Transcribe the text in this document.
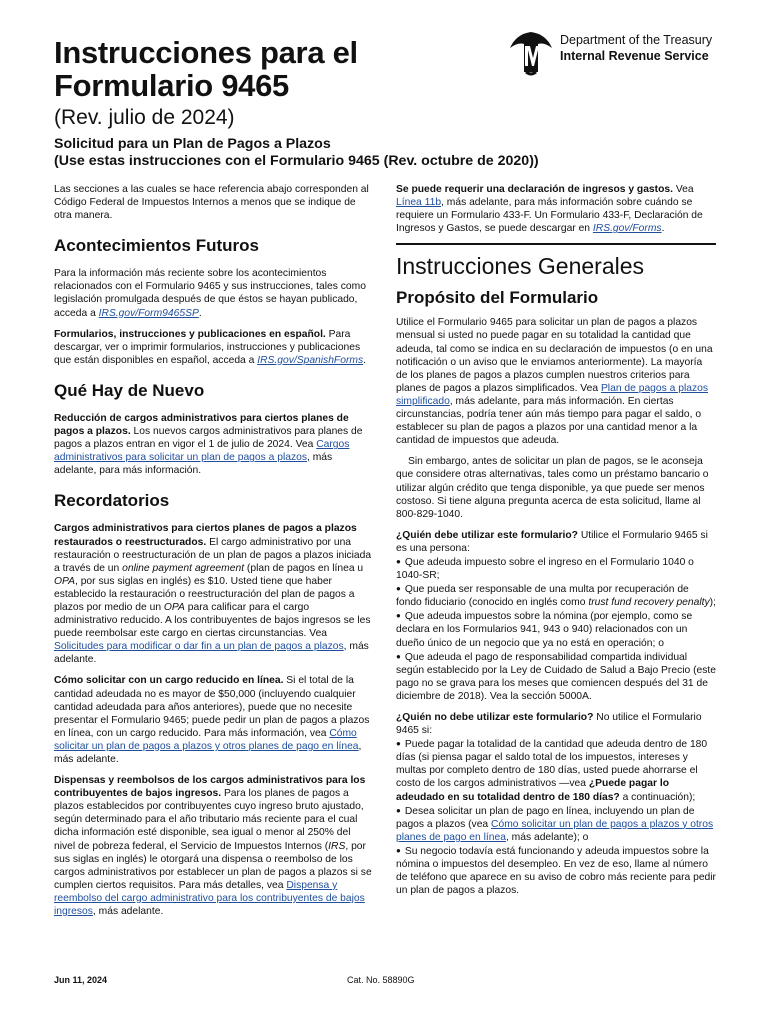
Instrucciones para el
Formulario 9465
(Rev. julio de 2024)
Solicitud para un Plan de Pagos a Plazos
(Use estas instrucciones con el Formulario 9465 (Rev. octubre de 2020))
Department of the Treasury
Internal Revenue Service

Las secciones a las cuales se hace referencia abajo corresponden al Código Federal de Impuestos Internos a menos que se indique de otra manera.

Acontecimientos Futuros

Para la información más reciente sobre los acontecimientos relacionados con el Formulario 9465 y sus instrucciones, tales como legislación promulgada después de que éstos se hayan publicado, acceda a IRS.gov/Form9465SP.

Formularios, instrucciones y publicaciones en español. Para descargar, ver o imprimir formularios, instrucciones y publicaciones que están disponibles en español, acceda a IRS.gov/SpanishForms.

Qué Hay de Nuevo

Reducción de cargos administrativos para ciertos planes de pagos a plazos. Los nuevos cargos administrativos para planes de pagos a plazos entran en vigor el 1 de julio de 2024. Vea Cargos administrativos para solicitar un plan de pagos a plazos, más adelante, para más información.

Recordatorios

Cargos administrativos para ciertos planes de pagos a plazos restaurados o reestructurados. El cargo administrativo por una restauración o reestructuración de un plan de pagos a plazos iniciada a través de un online payment agreement (plan de pagos en línea u OPA, por sus siglas en inglés) es $10. Usted tiene que haber establecido la restauración o reestructuración del plan de pagos a plazos por medio de un OPA para calificar para el cargo administrativo reducido. A los contribuyentes de bajos ingresos se les puede reembolsar este cargo en ciertas circunstancias. Vea Solicitudes para modificar o dar fin a un plan de pagos a plazos, más adelante.

Cómo solicitar con un cargo reducido en línea. Si el total de la cantidad adeudada no es mayor de $50,000 (incluyendo cualquier cantidad adeudada para años anteriores), puede que no necesite presentar el Formulario 9465; puede pedir un plan de pagos a plazos en línea, con un cargo reducido. Para más información, vea Cómo solicitar un plan de pagos a plazos y otros planes de pago en línea, más adelante.

Dispensas y reembolsos de los cargos administrativos para los contribuyentes de bajos ingresos. Para los planes de pagos a plazos establecidos por contribuyentes cuyo ingreso bruto ajustado, según determinado para el año tributario más reciente para el cual dicha información esté disponible, sea igual o menor al 250% del nivel de pobreza federal, el Servicio de Impuestos Internos (IRS, por sus siglas en inglés) le otorgará una dispensa o reembolso de los cargos administrativos por establecer un plan de pagos a plazos si se cumplen ciertos requisitos. Para más detalles, vea Dispensa y reembolso del cargo administrativo para los contribuyentes de bajos ingresos, más adelante.

Se puede requerir una declaración de ingresos y gastos. Vea Línea 11b, más adelante, para más información sobre cuándo se requiere un Formulario 433-F. Un Formulario 433-F, Declaración de Ingresos y Gastos, se puede descargar en IRS.gov/Forms.

Instrucciones Generales
Propósito del Formulario

Utilice el Formulario 9465 para solicitar un plan de pagos a plazos mensual si usted no puede pagar en su totalidad la cantidad que adeuda, tal como se indica en su declaración de impuestos (o en una notificación o un aviso que le enviamos anteriormente). La mayoría de los planes de pagos a plazos cumplen nuestros criterios para planes de pagos a plazos simplificados. Vea Plan de pagos a plazos simplificado, más adelante, para más información. En ciertas circunstancias, podría tener aún más tiempo para pagar el saldo, o establecer su plan de pagos a plazos por una cantidad menor a la cantidad de impuestos que adeuda.

Sin embargo, antes de solicitar un plan de pagos, se le aconseja que considere otras alternativas, tales como un préstamo bancario o utilizar algún crédito que tenga disponible, ya que puede ser menos costoso. Si tiene alguna pregunta acerca de esta solicitud, llame al 800-829-1040.

¿Quién debe utilizar este formulario? Utilice el Formulario 9465 si es una persona:

● Que adeuda impuesto sobre el ingreso en el Formulario 1040 o 1040-SR;
● Que pueda ser responsable de una multa por recuperación de fondo fiduciario (conocido en inglés como trust fund recovery penalty);
● Que adeuda impuestos sobre la nómina (por ejemplo, como se declara en los Formularios 941, 943 o 940) relacionados con un dueño único de un negocio que ya no está en operación; o
● Que adeuda el pago de responsabilidad compartida individual según establecido por la Ley de Cuidado de Salud a Bajo Precio (este pago no se grava para los meses que comiencen después del 31 de diciembre de 2018). Vea la sección 5000A.

¿Quién no debe utilizar este formulario? No utilice el Formulario 9465 si:

● Puede pagar la totalidad de la cantidad que adeuda dentro de 180 días (si piensa pagar el saldo total de los impuestos, intereses y multas por completo dentro de 180 días, usted puede ahorrarse el costo de los cargos administrativos —vea ¿Puede pagar lo adeudado en su totalidad dentro de 180 días? a continuación);
● Desea solicitar un plan de pago en línea, incluyendo un plan de pagos a plazos (vea Cómo solicitar un plan de pagos a plazos y otros planes de pago en línea, más adelante); o
● Su negocio todavía está funcionando y adeuda impuestos sobre la nómina o impuestos del desempleo. En vez de eso, llame al número de teléfono que aparece en su aviso de cobro más reciente para pedir un plan de pagos a plazos.
Jun 11, 2024	Cat. No. 58890G
